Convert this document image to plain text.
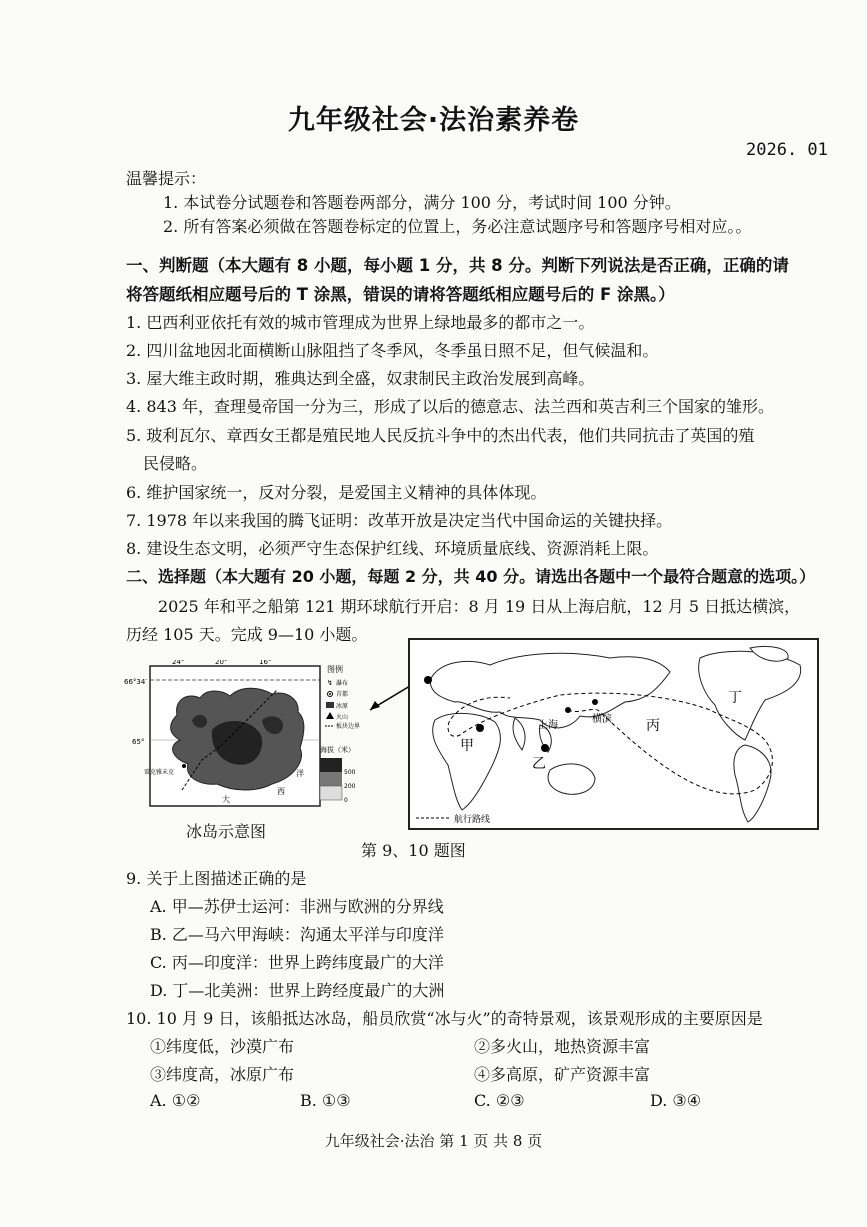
九年级社会·法治素养卷
2026. 01
温馨提示：
1. 本试卷分试题卷和答题卷两部分，满分 100 分，考试时间 100 分钟。
2. 所有答案必须做在答题卷标定的位置上，务必注意试题序号和答题序号相对应。。
一、判断题（本大题有 8 小题，每小题 1 分，共 8 分。判断下列说法是否正确，正确的请
将答题纸相应题号后的 T 涂黑，错误的请将答题纸相应题号后的 F 涂黑。）
1. 巴西利亚依托有效的城市管理成为世界上绿地最多的都市之一。
2. 四川盆地因北面横断山脉阻挡了冬季风，冬季虽日照不足，但气候温和。
3. 屋大维主政时期，雅典达到全盛，奴隶制民主政治发展到高峰。
4. 843 年，查理曼帝国一分为三，形成了以后的德意志、法兰西和英吉利三个国家的雏形。
5. 玻利瓦尔、章西女王都是殖民地人民反抗斗争中的杰出代表，他们共同抗击了英国的殖
民侵略。
6. 维护国家统一，反对分裂，是爱国主义精神的具体体现。
7. 1978 年以来我国的腾飞证明：改革开放是决定当代中国命运的关键抉择。
8. 建设生态文明，必须严守生态保护红线、环境质量底线、资源消耗上限。
二、选择题（本大题有 20 小题，每题 2 分，共 40 分。请选出各题中一个最符合题意的选项。）
2025 年和平之船第 121 期环球航行开启：8 月 19 日从上海启航，12 月 5 日抵达横滨，
历经 105 天。完成 9—10 小题。
66°34′
65°
24°	20°	16°
雷克雅未克	洋
西
大
图例
↯ 瀑布
首都
冰原
火山
板块边界
海拔（米）
500
200
0
冰岛示意图
甲
乙
丙
丁
上海
横滨
航行路线
第 9、10 题图
9. 关于上图描述正确的是
A. 甲—苏伊士运河：非洲与欧洲的分界线
B. 乙—马六甲海峡：沟通太平洋与印度洋
C. 丙—印度洋：世界上跨纬度最广的大洋
D. 丁—北美洲：世界上跨经度最广的大洲
10. 10 月 9 日，该船抵达冰岛，船员欣赏“冰与火”的奇特景观，该景观形成的主要原因是
①纬度低，沙漠广布	②多火山，地热资源丰富
③纬度高，冰原广布	④多高原，矿产资源丰富
A. ①②	B. ①③	C. ②③	D. ③④
九年级社会·法治 第 1 页 共 8 页
